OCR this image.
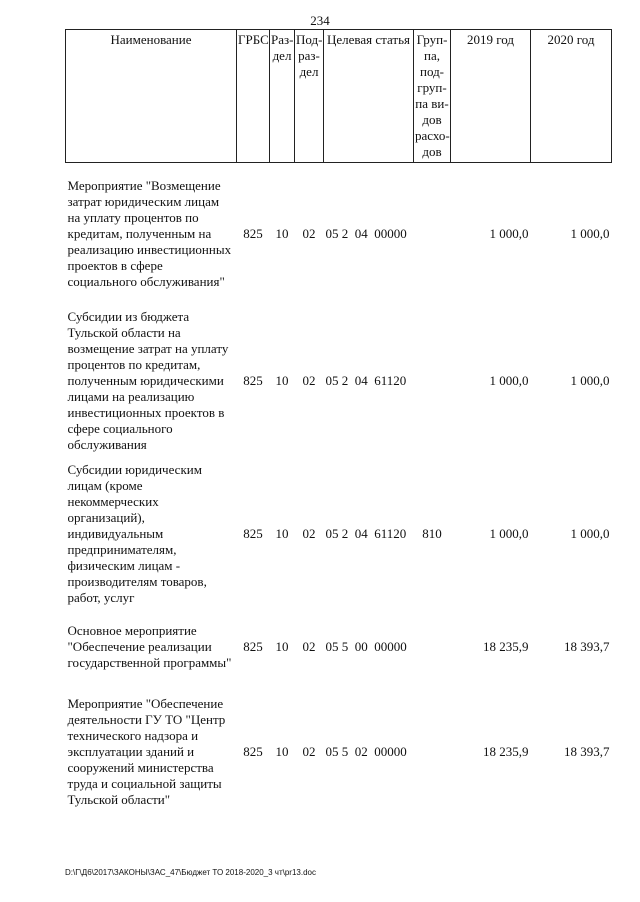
234
Наименование	ГРБС	Раз-дел	Под-раз-дел	Целевая статья	Груп-па, под-груп-па ви-дов расхо-дов	2019 год	2020 год
Мероприятие "Возмещение затрат юридическим лицам на уплату процентов по кредитам, полученным на реализацию инвестиционных проектов в сфере социального обслуживания"	825	10	02	05 2 04 00000		1 000,0	1 000,0
Субсидии из бюджета Тульской области на возмещение затрат на уплату процентов по кредитам, полученным юридическими лицами на реализацию инвестиционных проектов в сфере социального обслуживания	825	10	02	05 2 04 61120		1 000,0	1 000,0
Субсидии юридическим лицам (кроме некоммерческих организаций), индивидуальным предпринимателям, физическим лицам - производителям товаров, работ, услуг	825	10	02	05 2 04 61120	810	1 000,0	1 000,0
Основное мероприятие "Обеспечение реализации государственной программы"	825	10	02	05 5 00 00000		18 235,9	18 393,7
Мероприятие "Обеспечение деятельности ГУ ТО "Центр технического надзора и эксплуатации зданий и сооружений министерства труда и социальной защиты Тульской области"	825	10	02	05 5 02 00000		18 235,9	18 393,7
D:\Г\Д6\2017\ЗАКОНЫ\ЗАС_47\Бюджет ТО 2018-2020_3 чт\pr13.doc
